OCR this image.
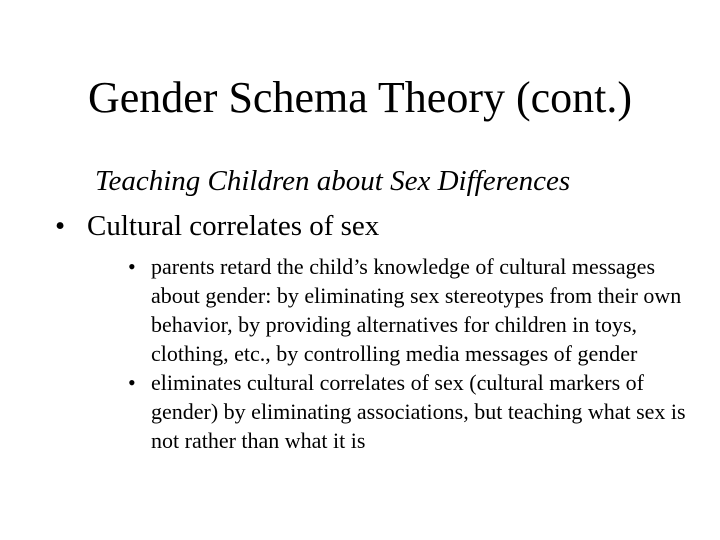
Gender Schema Theory (cont.)
Teaching Children about Sex Differences
• Cultural correlates of sex
• parents retard the child’s knowledge of cultural messages about gender: by eliminating sex stereotypes from their own behavior, by providing alternatives for children in toys, clothing, etc., by controlling media messages of gender
• eliminates cultural correlates of sex (cultural markers of gender) by eliminating associations, but teaching what sex is not rather than what it is
